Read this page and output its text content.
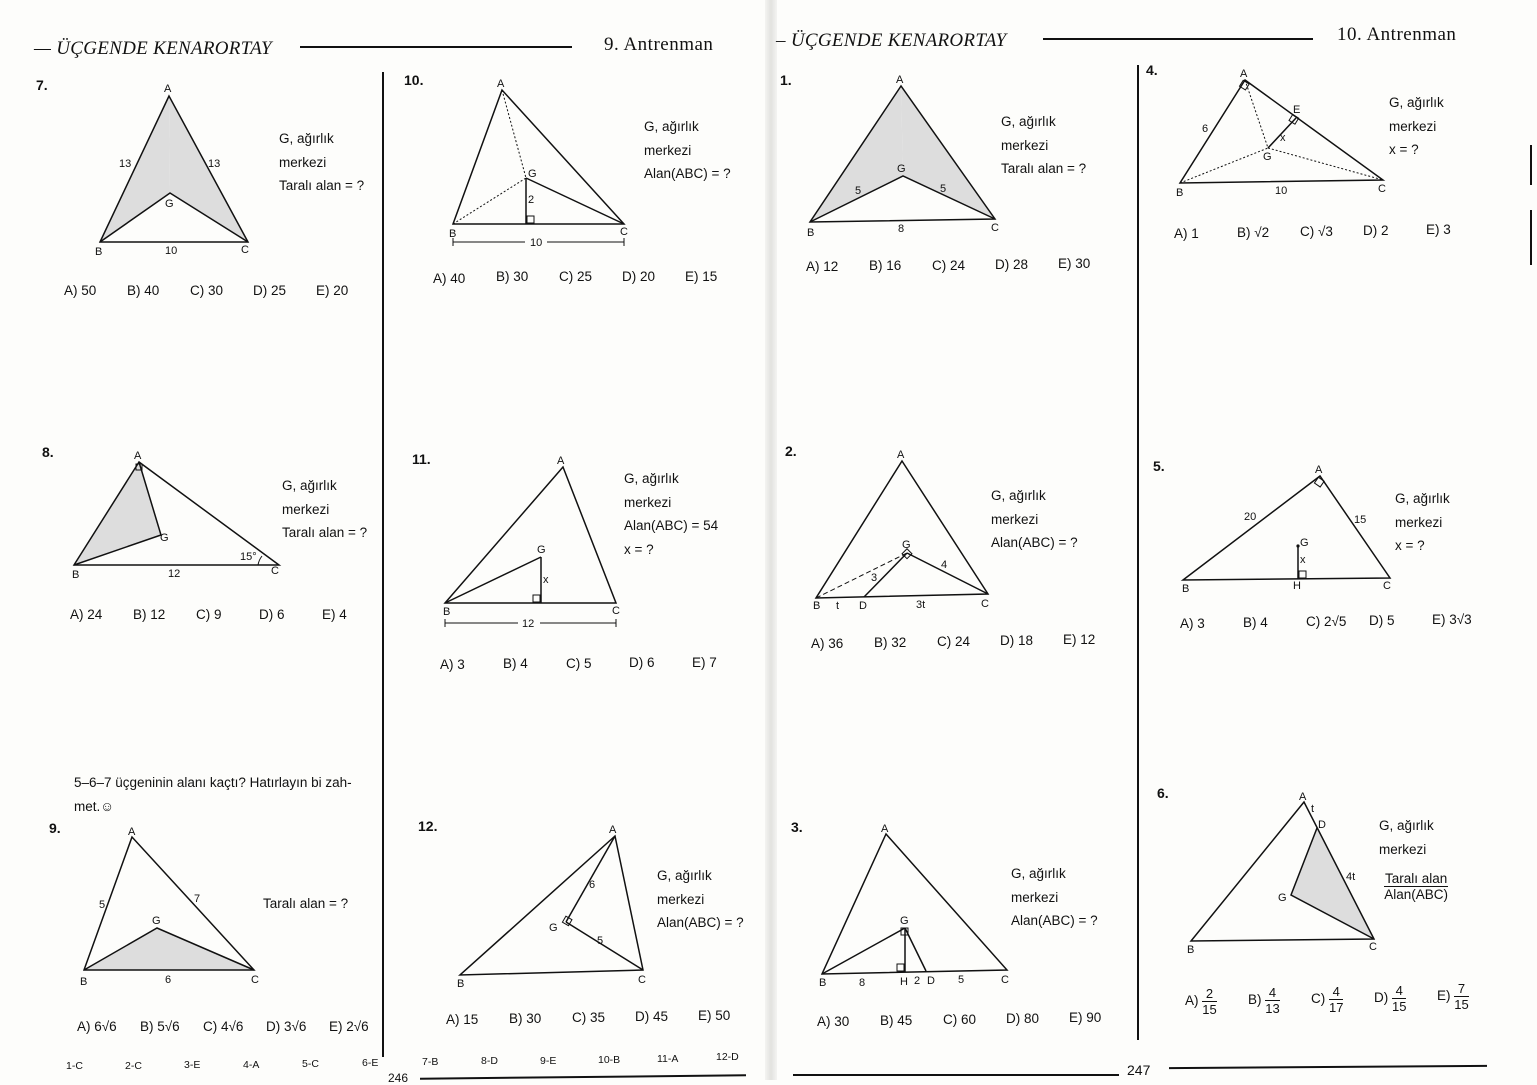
— ÜÇGENDE KENARORTAY	9. Antrenman
7.	A
B	C
G
13	13
10
G, ağırlık
merkezi
Taralı alan = ?
A) 50 B) 40 C) 30 D) 25 E) 20
8.	A
B	C
G
12
15°
G, ağırlık
merkezi
Taralı alan = ?
A) 24 B) 12 C) 9	D) 6	E) 4
5–6–7 üçgeninin alanı kaçtı? Hatırlayın bi zah-
met.☺
9.	A
B	C
G
5	7
6
Taralı alan = ?
A) 6√6 B) 5√6 C) 4√6 D) 3√6 E) 2√6
10.	A
B	C
G
2
10
G, ağırlık
merkezi
Alan(ABC) = ?
A) 40 B) 30 C) 25 D) 20 E) 15
11.	A
B	C
G
x
12
G, ağırlık
merkezi
Alan(ABC) = 54
x = ?
A) 3	B) 4	C) 5	D) 6	E) 7
12.	A
B	C
G
6
5
G, ağırlık
merkezi
Alan(ABC) = ?
A) 15 B) 30 C) 35 D) 45 E) 50
1-C	2-C	3-E	4-A	5-C	6-E	7-B	8-D	9-E	10-B	11-A	12-D
246
– ÜÇGENDE KENARORTAY	10. Antrenman
1.	A
B	C
G
5	5
8
G, ağırlık
merkezi
Taralı alan = ?
A) 12 B) 16 C) 24 D) 28 E) 30
2.	A
B	C
G
D
t	3t
3
4
G, ağırlık
merkezi
Alan(ABC) = ?
A) 36 B) 32 C) 24 D) 18 E) 12
3.	A
B	C
G
H D
8	2	5
G, ağırlık
merkezi
Alan(ABC) = ?
A) 30 B) 45 C) 60 D) 80 E) 90
4.	A
B	C
G
E
x
6
10
G, ağırlık
merkezi
x = ?
A) 1	B) √2 C) √3 D) 2	E) 3
5.	A
B	C
G
H
x
20	15
G, ağırlık
merkezi
x = ?
A) 3	B) 4	C) 2√5 D) 5	E) 3√3
6.	A
B	C
G
D
t
4t
G, ağırlık
merkezi
Taralı alan
Alan(ABC)
$A) \frac{2}{15} B) \frac{4}{13} C) \frac{4}{17} D) \frac{4}{15} E) \frac{7}{15}$
247
